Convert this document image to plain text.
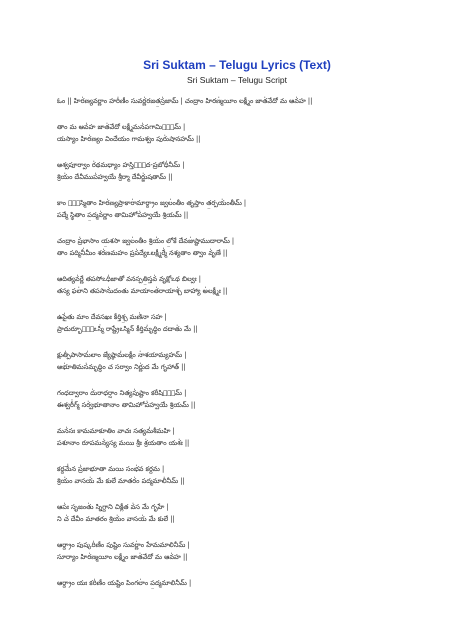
Sri Suktam – Telugu Lyrics (Text)
Sri Suktam – Telugu Script
ఓం || హిర॑ణ్యవర్ణాం హరి॑ణీం సువర్ణ॑రజత॒స్ర॑జామ్ | చంద్రాం హిరణ్మ॑యీం లక్ష్మీం జాత॑వేదో మ ఆవ॑హ ||
తాం మ ఆవ॑హ జాత॑వేదో లక్ష్మీమన॑పగామినీ॓మ్ |
యస్యాం హిర॑ణ్యం విందేయం గామశ్వం పురు॑షానహమ్ ||
అశ్వపూర్వాం ర॑థమధ్యాం హస్తినా॓ద-ప్రబోధి॑నీమ్ |
శ్రియం॑ దేవీముప॑హ్వయే శ్రీర్మా దేవీర్జు॑షతామ్ ||
కాం సో॓స్మితాం హిర॑ణ్యప్రాకారా॑మార్ద్రాం జ్వలం॑తీం తృప్తాం త॒ర్పయం॑తీమ్ |
పద్మే స్థితాం ప॒ద్మవ॑ర్ణాం తామిహోప॑హ్వయే శ్రియమ్ ||
చంద్రాం ప్ర॑భాసాం య॒శసా జ్వలం॑తీం శ్రియం॑ లో॒కే దేవజు॑ష్టాముదారామ్ |
తాం పద్మినీ॑మీం శర॑ణమహం ప్రప॑ద్యేఽలక్ష్మీర్మే॑ నశ్యతాం త్వాం వృ॑ణే ||
ఆదిత్యవ॑ర్ణే తపసోఽధి॑జాతో వనస్పతి॒స్తవ॑ వృక్షోఽథ బిల్వః |
తస్య ఫలా॑ని తపసాను॑దంతు మాయాంత॑రాయాశ్చ॑ బాహ్యా అ॑లక్ష్మీః ||
ఉపై॑తు మాం దేవసఖః కీర్తిశ్చ॒ మణి॑నా సహ |
ప్రాదుర్భూతో॓ఽస్మి॑ రాష్ట్రేఽస్మిన్ కీర్తిమృ॑ద్ధిం దదాతు॑ మే ||
క్షుత్పి॑పాసామ॑లాం జ్యేష్ఠామ॑లక్షీం నా॑శయామ్యహమ్ |
అభూ॑తిమస॑మృద్ధిం చ సర్వాం నిర్ణు॑ద మే గృహాత్ ||
గంధద్వారాం దు॑రాధర్షాం నిత్యపు॑ష్టాం కరీషిణీ॓మ్ |
ఈశ్వరీ॑గ్మ్ సర్వ॑భూతానాం తామిహోప॑హ్వయే శ్రియమ్ ||
మన॑సః కామమాకూతిం వాచః సత్యమ॑శీమహి |
పశూనాం రూపమన్య॑స్య మయి శ్రీః శ్ర॑యతాం యశః॑ ||
కర్దమే॑న ప్ర॑జాభూతా మయి సంభ॑వ కర్దమ |
శ్రియం॑ వాసయ॑ మే కులే మాతరం॑ పద్మమాలి॑నీమ్ ||
ఆపః॑ సృజంతు॑ స్నిగ్దాని చిక్లీత వ॑స మే గృహే |
ని చ॑ దేవీం మాతరం శ్రియం॑ వాసయ॑ మే కులే ||
ఆర్ద్రాం పుష్కరి॑ణీం పుష్టిం సువర్ణాం॑ హేమమాలినీమ్ |
సూర్యాం హిర॑ణ్మయీం లక్ష్మీం జాత॑వేదో మ ఆవ॑హ ||
ఆర్ద్రాం యః కరి॑ణీం యష్టిం పింగలాం॑ ప॒ద్మమాలినీమ్ |
